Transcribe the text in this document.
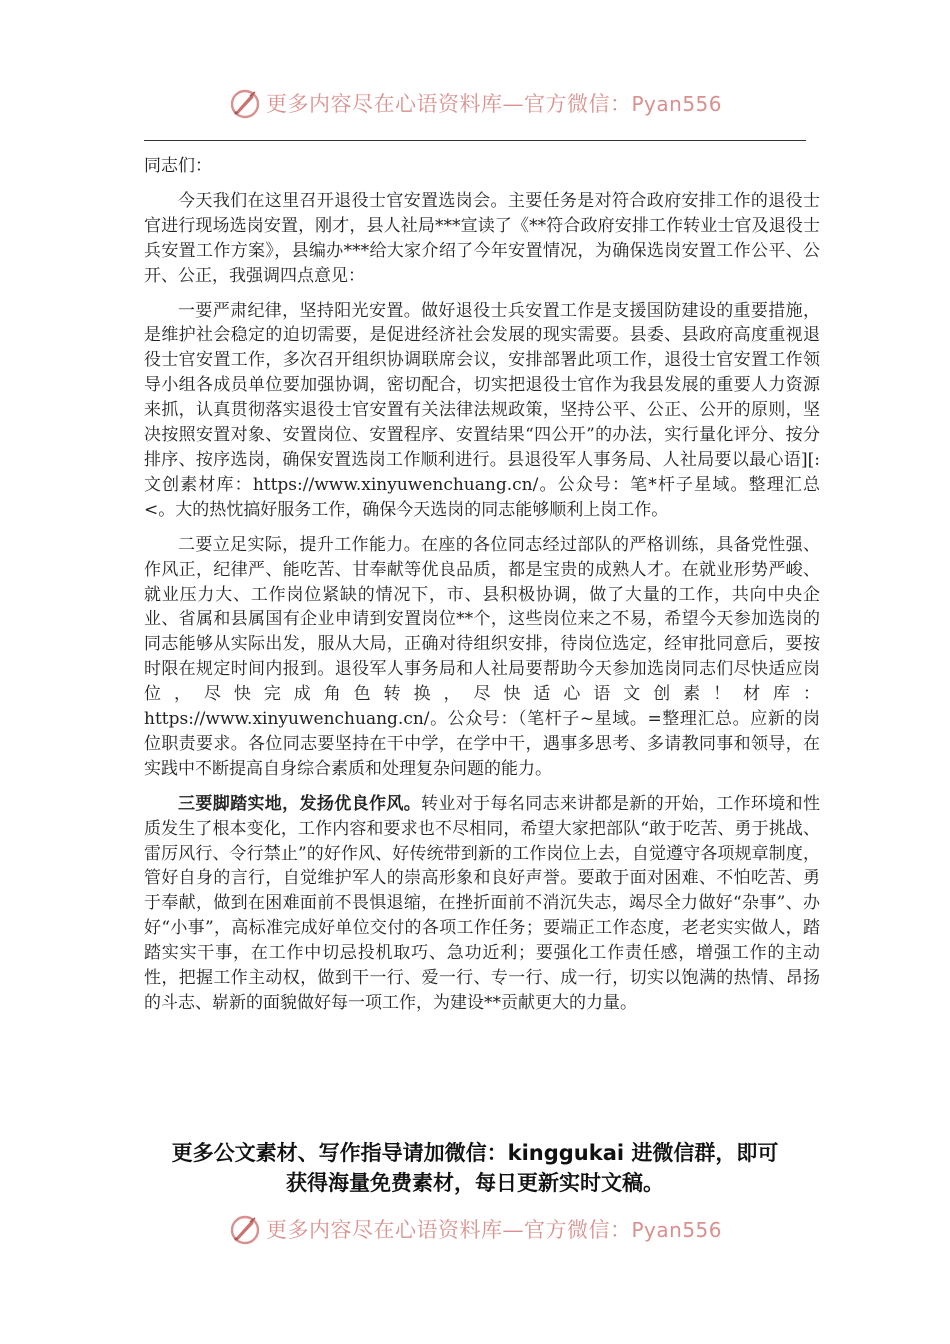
更多内容尽在心语资料库—官方微信：Pyan556

同志们：

今天我们在这里召开退役士官安置选岗会。主要任务是对符合政府安排工作的退役士官进行现场选岗安置，刚才，县人社局***宣读了《**符合政府安排工作转业士官及退役士兵安置工作方案》，县编办***给大家介绍了今年安置情况，为确保选岗安置工作公平、公开、公正，我强调四点意见：

一要严肃纪律，坚持阳光安置。做好退役士兵安置工作是支援国防建设的重要措施，是维护社会稳定的迫切需要，是促进经济社会发展的现实需要。县委、县政府高度重视退役士官安置工作，多次召开组织协调联席会议，安排部署此项工作，退役士官安置工作领导小组各成员单位要加强协调，密切配合，切实把退役士官作为我县发展的重要人力资源来抓，认真贯彻落实退役士官安置有关法律法规政策，坚持公平、公正、公开的原则，坚决按照安置对象、安置岗位、安置程序、安置结果“四公开”的办法，实行量化评分、按分排序、按序选岗，确保安置选岗工作顺利进行。县退役军人事务局、人社局要以最心语][:文创素材库：https://www.xinyuwenchuang.cn/。公众号：笔*杆子星域。整理汇总<。大的热忱搞好服务工作，确保今天选岗的同志能够顺利上岗工作。

二要立足实际，提升工作能力。在座的各位同志经过部队的严格训练，具备党性强、作风正，纪律严、能吃苦、甘奉献等优良品质，都是宝贵的成熟人才。在就业形势严峻、就业压力大、工作岗位紧缺的情况下，市、县积极协调，做了大量的工作，共向中央企业、省属和县属国有企业申请到安置岗位**个，这些岗位来之不易，希望今天参加选岗的同志能够从实际出发，服从大局，正确对待组织安排，待岗位选定，经审批同意后，要按时限在规定时间内报到。退役军人事务局和人社局要帮助今天参加选岗同志们尽快适应岗位，尽快完成角色转换，尽快适心语文创素！材库：https://www.xinyuwenchuang.cn/。公众号：（笔杆子~星域。=整理汇总。应新的岗位职责要求。各位同志要坚持在干中学，在学中干，遇事多思考、多请教同事和领导，在实践中不断提高自身综合素质和处理复杂问题的能力。

三要脚踏实地，发扬优良作风。转业对于每名同志来讲都是新的开始，工作环境和性质发生了根本变化，工作内容和要求也不尽相同，希望大家把部队“敢于吃苦、勇于挑战、雷厉风行、令行禁止”的好作风、好传统带到新的工作岗位上去，自觉遵守各项规章制度，管好自身的言行，自觉维护军人的崇高形象和良好声誉。要敢于面对困难、不怕吃苦、勇于奉献，做到在困难面前不畏惧退缩，在挫折面前不消沉失志，竭尽全力做好“杂事”、办好“小事”，高标准完成好单位交付的各项工作任务；要端正工作态度，老老实实做人，踏踏实实干事，在工作中切忌投机取巧、急功近利；要强化工作责任感，增强工作的主动性，把握工作主动权，做到干一行、爱一行、专一行、成一行，切实以饱满的热情、昂扬的斗志、崭新的面貌做好每一项工作，为建设**贡献更大的力量。

更多公文素材、写作指导请加微信：kinggukai 进微信群，即可
获得海量免费素材，每日更新实时文稿。
更多内容尽在心语资料库—官方微信：Pyan556
